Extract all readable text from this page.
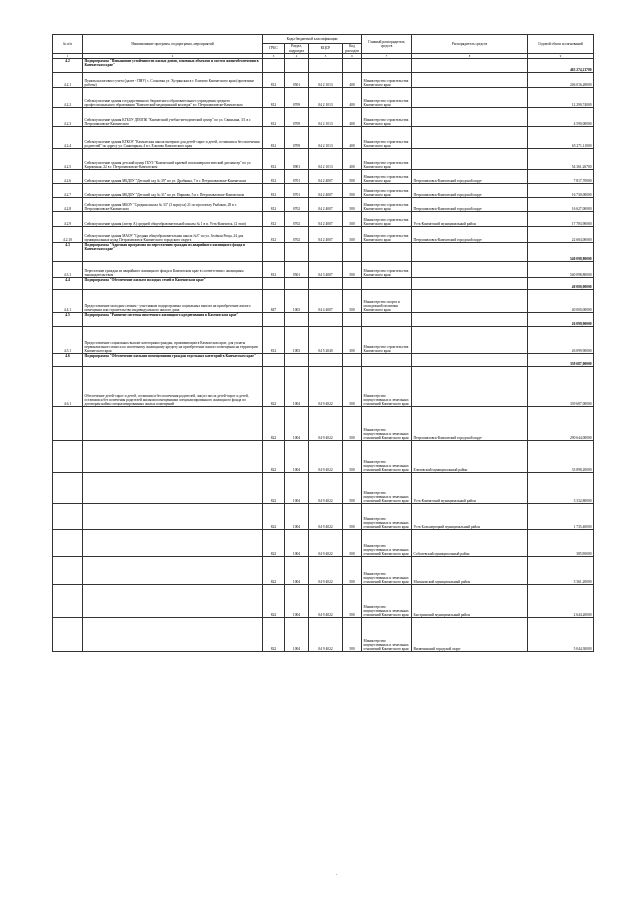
№ п/п	Наименование программ, подпрограмм, мероприятий	Коды бюджетной классификации				Главный распорядитель средств	Распорядитель средств	Годовой объем ассигнований
		ГРБС	Раздел, подраздел	КЦСР	Код расходов			
1	2	3	4	5	6	7	8	9
4.2	Подпрограмма "Повышение устойчивости жилых домов, основных объектов и систем жизнеобеспечения в Камчатском крае"							463 274,21700
4.2.1	Пункты налогового учета (далее - ПНУ) с. Сосновка ул. Хутрянская в г. Елизово Камчатского края (проектные работы)	812	0501	04 2 1013	400	Министерство строительства Камчатского края		246 016,28000
4.2.2	Сейсмоусиление здания государственного бюджетного образовательного учреждения среднего профессионального образования "Камчатский медицинский колледж" в г. Петропавловске-Камчатском	812	0709	04 2 1013	400	Министерство строительства Камчатского края		12 290,74000
4.2.3	Сейсмоусиление здания КГБОУ ДПОПК "Камчатский учебно-методический центр" по ул. Свиньина, 3/1 в г. Петропавловске-Камчатском	812	0709	04 2 1013	400	Министерство строительства Камчатского края		4 590,00000
4.2.4	Сейсмоусиление здания КГКОУ "Камчатская школа-интернат для детей-сирот и детей, оставшихся без попечения родителей" по адресу ул. Санитарная, 4 в г. Елизово Камчатского края	812	0709	04 2 1013	400	Министерство строительства Камчатского края		65 271,11000
4.2.5	Сейсмоусиление здания детский центр ГБУЗ "Камчатский краевой психоневрологический диспансер" по ул. Кирпичная, 22 в г. Петропавловске-Камчатском	812	0901	04 2 1013	400	Министерство строительства Камчатского края		54 361,26700
4.2.6	Сейсмоусиление здания МБДОУ "Детский сад № 39" по ул. Драбкина, 7 в г. Петропавловске-Камчатском	812	0701	04 2 4007	500	Министерство строительства Камчатского края	Петропавловск-Камчатский городской округ	7 817,70000
4.2.7	Сейсмоусиление здания МБДОУ "Детский сад № 31" по ул. Пиркова, 5 в г. Петропавловске-Камчатском	812	0701	04 2 4007	500	Министерство строительства Камчатского края	Петропавловск-Камчатский городской округ	16 730,00000
4.2.8	Сейсмоусиление здания МБОУ "Средняя школа № 33" (3 корпуса) 21 по проспекту Рыбаков, 28 в г. Петропавловске-Камчатском	812	0702	04 2 4007	500	Министерство строительства Камчатского края	Петропавловск-Камчатский городской округ	16 627,00000
4.2.9	Сейсмоусиление здания (литер А) средней общеобразовательной школы № 1 в п. Усть-Камчатск, (2 этап)	812	0702	04 2 4007	500	Министерство строительства Камчатского края	Усть-Камчатский муниципальный район	17 783,90000
4.2.10	Сейсмоусиление здания МАОУ "Средняя общеобразовательная школа №3" по ул. Зелёная Роща, 24 для муниципальных нужд Петропавловск-Камчатского городского округа	812	0702	04 2 4007	500	Министерство строительства Камчатского края	Петропавловск-Камчатский городской округ	22 684,00000
4.3	Подпрограмма "Адресная программа по переселению граждан из аварийного жилищного фонда в Камчатском крае"							540 098,80000
4.3.1	Переселение граждан из аварийного жилищного фонда в Камчатском крае в соответствии с жилищным законодательством	812	0501	04 3 4007	500	Министерство строительства Камчатского края		540 098,80000
4.4	Подпрограмма "Обеспечение жильем молодых семей в Камчатском крае"							40 000,00000
4.4.1	Предоставление молодым семьям - участникам подпрограммы социальных выплат на приобретение жилого помещения или строительство индивидуального жилого дома	847	1003	04 4 4007	500	Министерство спорта и молодежной политики Камчатского края		40 000,00000
4.5	Подпрограмма "Развитие системы ипотечного жилищного кредитования в Камчатском крае"							26 099,90000
4.5.1	Предоставление социальных выплат категориям граждан, проживающим в Камчатском крае, для уплаты первоначального взноса по ипотечному жилищному кредиту на приобретение жилого помещения на территории Камчатского края	812	1003	04 5 2040	300	Министерство строительства Камчатского края		26 099,90000
4.6	Подпрограмма "Обеспечение жилыми помещениями граждан отдельных категорий в Камчатском крае"							339 687,00000
4.6.1	Обеспечение детей-сирот и детей, оставшихся без попечения родителей, лиц из числа детей-сирот и детей, оставшихся без попечения родителей жилыми помещениями специализированного жилищного фонда по договорам найма специализированных жилых помещений	822	1004	04 9 4022	500	Министерство имущественных и земельных отношений Камчатского края		339 687,00000
		822	1004	04 9 4022	500	Министерство имущественных и земельных отношений Камчатского края	Петропавловск-Камчатский городской округ	290 644,00000
		822	1004	04 9 4022	500	Министерство имущественных и земельных отношений Камчатского края	Елизовский муниципальный район	33 898,20000
		822	1004	04 9 4022	500	Министерство имущественных и земельных отношений Камчатского края	Усть-Камчатский муниципальный район	3 332,80000
		822	1004	04 9 4022	500	Министерство имущественных и земельных отношений Камчатского края	Усть-Большерецкий муниципальный район	1 735,40000
		822	1004	04 9 4022	500	Министерство имущественных и земельных отношений Камчатского края	Соболевский муниципальный район	385,90000
		822	1004	04 9 4022	500	Министерство имущественных и земельных отношений Камчатского края	Мильковский муниципальный район	5 361,20000
		822	1004	04 9 4022	500	Министерство имущественных и земельных отношений Камчатского края	Быстринский муниципальный район	2 644,20000
		822	1004	04 9 4022	500	Министерство имущественных и земельных отношений Камчатского края	Вилючинский городской округ	5 044,30000
-
